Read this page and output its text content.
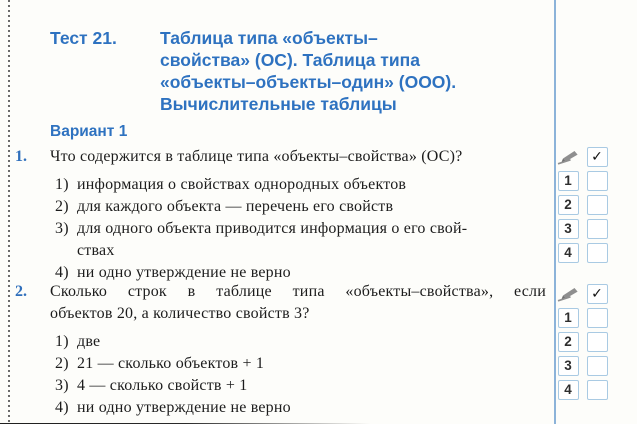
Тест 21.	Таблица типа «объекты–
свойства» (ОС). Таблица типа
«объекты–объекты–один» (ООО).
Вычислительные таблицы
Вариант 1
1.	Что содержится в таблице типа «объекты–свойства» (ОС)?
1) информация о свойствах однородных объектов
2) для каждого объекта — перечень его свойств
3) для одного объекта приводится информация о его свой-
ствах
4) ни одно утверждение не верно
2.	Сколько строк в таблице типа «объекты–свойства», если
объектов 20, а количество свойств 3?
1) две
2) 21 — сколько объектов + 1
3) 4 — сколько свойств + 1
4) ни одно утверждение не верно
✓
1
2
3
4
✓
1
2
3
4
